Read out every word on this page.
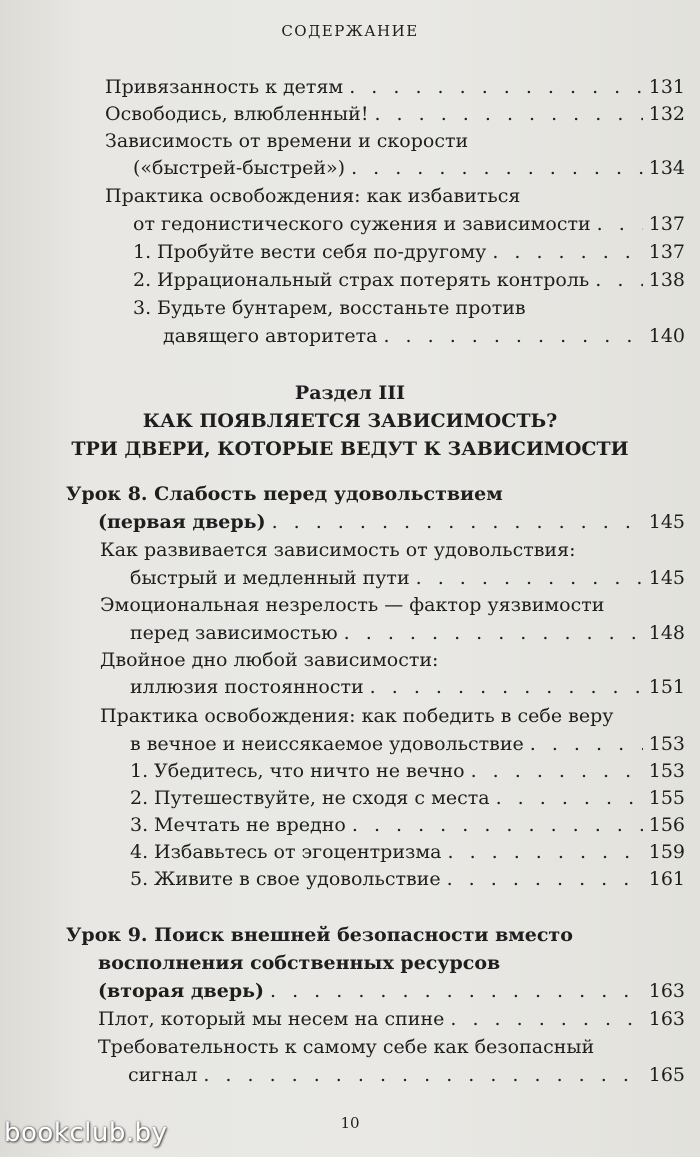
СОДЕРЖАНИЕ
Привязанность к детям . . .	131
Освободись, влюбленный! . . .	132
Зависимость от времени и скорости
(«быстрей-быстрей») . . .	134
Практика освобождения: как избавиться
от гедонистического сужения и зависимости . . .	137
1. Пробуйте вести себя по-другому . . .	137
2. Иррациональный страх потерять контроль . . .	138
3. Будьте бунтарем, восстаньте против
давящего авторитета . . .	140
Раздел III
КАК ПОЯВЛЯЕТСЯ ЗАВИСИМОСТЬ?
ТРИ ДВЕРИ, КОТОРЫЕ ВЕДУТ К ЗАВИСИМОСТИ
Урок 8. Слабость перед удовольствием
(первая дверь) . . .	145
Как развивается зависимость от удовольствия:
быстрый и медленный пути . . .	145
Эмоциональная незрелость — фактор уязвимости
перед зависимостью . . .	148
Двойное дно любой зависимости:
иллюзия постоянности . . .	151
Практика освобождения: как победить в себе веру
в вечное и неиссякаемое удовольствие . . .	153
1. Убедитесь, что ничто не вечно . . .	153
2. Путешествуйте, не сходя с места . . .	155
3. Мечтать не вредно . . .	156
4. Избавьтесь от эгоцентризма . . .	159
5. Живите в свое удовольствие . . .	161
Урок 9. Поиск внешней безопасности вместо
восполнения собственных ресурсов
(вторая дверь) . . .	163
Плот, который мы несем на спине . . .	163
Требовательность к самому себе как безопасный
сигнал . . .	165
10
bookclub.by
